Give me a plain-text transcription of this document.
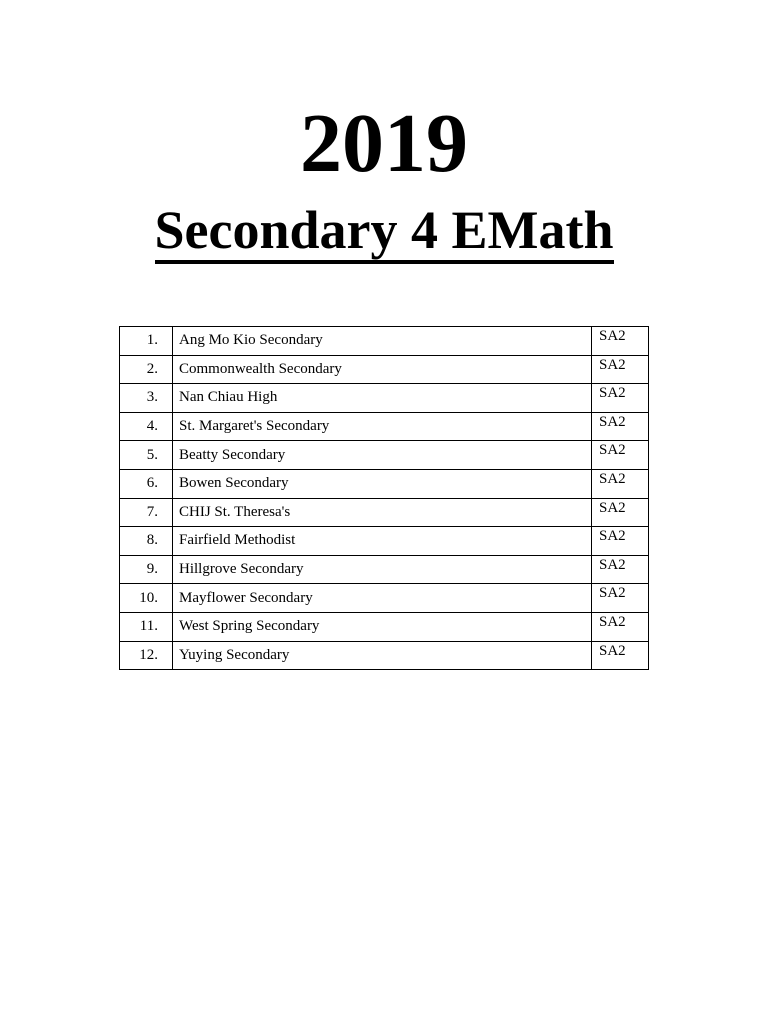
2019
Secondary 4 EMath
1.	Ang Mo Kio Secondary	SA2
2.	Commonwealth Secondary	SA2
3.	Nan Chiau High	SA2
4.	St. Margaret's Secondary	SA2
5.	Beatty Secondary	SA2
6.	Bowen Secondary	SA2
7.	CHIJ St. Theresa's	SA2
8.	Fairfield Methodist	SA2
9.	Hillgrove Secondary	SA2
10.	Mayflower Secondary	SA2
11.	West Spring Secondary	SA2
12.	Yuying Secondary	SA2
